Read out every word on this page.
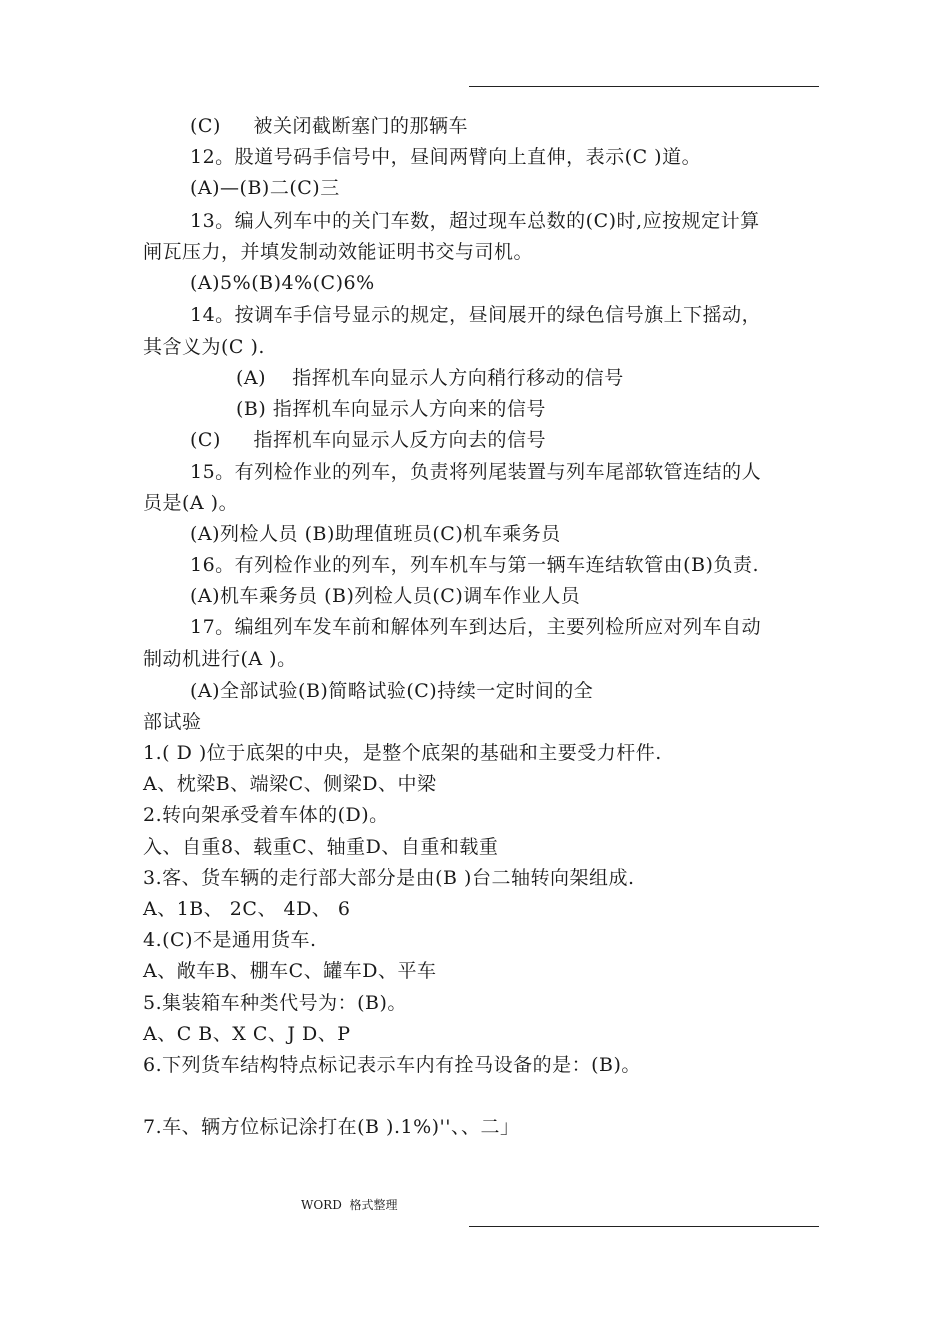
(C)     被关闭截断塞门的那辆车
12。股道号码手信号中，昼间两臂向上直伸，表示(C )道。
(A)—(B)二(C)三
13。编人列车中的关门车数，超过现车总数的(C)时,应按规定计算
闸瓦压力，并填发制动效能证明书交与司机。
(A)5%(B)4%(C)6%
14。按调车手信号显示的规定，昼间展开的绿色信号旗上下摇动，
其含义为(C ).
(A)    指挥机车向显示人方向稍行移动的信号
(B) 指挥机车向显示人方向来的信号
(C)     指挥机车向显示人反方向去的信号
15。有列检作业的列车，负责将列尾装置与列车尾部软管连结的人
员是(A )。
(A)列检人员 (B)助理值班员(C)机车乘务员
16。有列检作业的列车，列车机车与第一辆车连结软管由(B)负责.
(A)机车乘务员 (B)列检人员(C)调车作业人员
17。编组列车发车前和解体列车到达后，主要列检所应对列车自动
制动机进行(A )。
(A)全部试验(B)简略试验(C)持续一定时间的全
部试验
1.( D )位于底架的中央，是整个底架的基础和主要受力杆件.
A、枕梁B、端梁C、侧梁D、中梁
2.转向架承受着车体的(D)。
入、自重8、载重C、轴重D、自重和载重
3.客、货车辆的走行部大部分是由(B )台二轴转向架组成.
A、1B、 2C、 4D、 6
4.(C)不是通用货车.
A、敞车B、棚车C、罐车D、平车
5.集装箱车种类代号为：(B)。
A、C B、X C、J D、P
6.下列货车结构特点标记表示车内有拴马设备的是：(B)。
7.车、辆方位标记涂打在(B ).1%)''、、二」
WORD  格式整理
